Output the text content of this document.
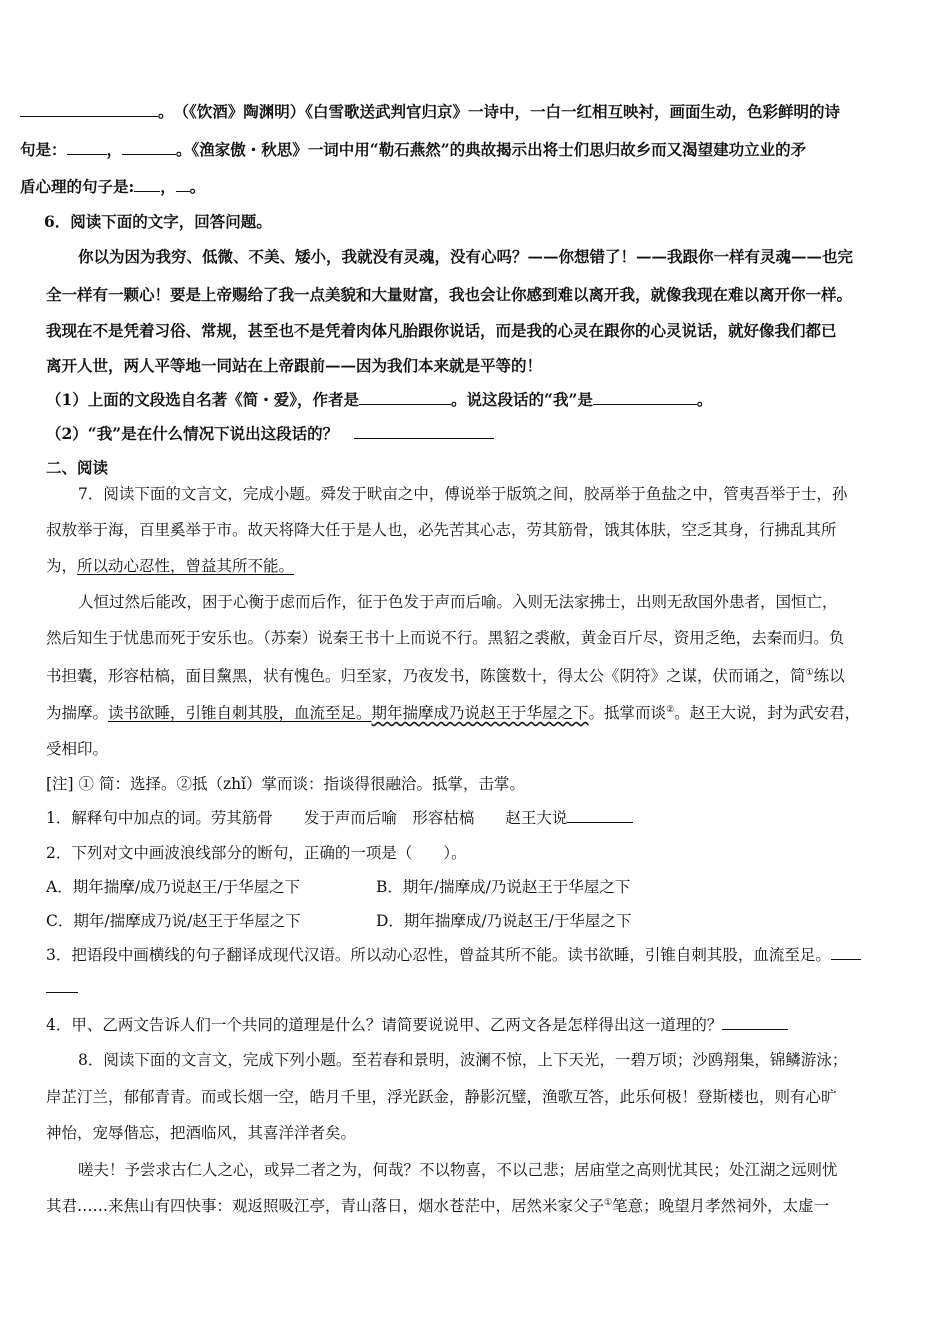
。　（《饮酒》陶渊明）《白雪歌送武判官归京》一诗中，一白一红相互映衬，画面生动，色彩鲜明的诗
句是：	，	。《渔家傲・秋思》一词中用“勒石燕然”的典故揭示出将士们思归故乡而又渴望建功立业的矛
盾心理的句子是: ， 。
6．阅读下面的文字，回答问题。
你以为因为我穷、低微、不美、矮小，我就没有灵魂，没有心吗？——你想错了！——我跟你一样有灵魂——也完
全一样有一颗心！要是上帝赐给了我一点美貌和大量财富，我也会让你感到难以离开我，就像我现在难以离开你一样。
我现在不是凭着习俗、常规，甚至也不是凭着肉体凡胎跟你说话，而是我的心灵在跟你的心灵说话，就好像我们都已
离开人世，两人平等地一同站在上帝跟前——因为我们本来就是平等的！
（1）上面的文段选自名著《简・爱》，作者是	。说这段话的“我”是	。
（2）“我”是在什么情况下说出这段话的？
二、阅读
7．阅读下面的文言文，完成小题。舜发于畎亩之中，傅说举于版筑之间，胶鬲举于鱼盐之中，管夷吾举于士，孙
叔敖举于海，百里奚举于市。故天将降大任于是人也，必先苦其心志，劳其筋骨，饿其体肤，空乏其身，行拂乱其所
为，所以动心忍性，曾益其所不能。
人恒过然后能改，困于心衡于虑而后作，征于色发于声而后喻。入则无法家拂士，出则无敌国外患者，国恒亡，
然后知生于忧患而死于安乐也。（苏秦）说秦王书十上而说不行。黑貂之裘敝，黄金百斤尽，资用乏绝，去秦而归。负
书担囊，形容枯槁，面目黧黑，状有愧色。归至家，乃夜发书，陈箧数十，得太公《阴符》之谋，伏而诵之，简①练以
为揣摩。读书欲睡，引锥自刺其股，血流至足。期年揣摩成乃说赵王于华屋之下。抵掌而谈②。赵王大说，封为武安君，
受相印。
[注] ① 简：选择。②抵（zhǐ）掌而谈：指谈得很融洽。抵掌，击掌。
1．解释句中加点的词。劳其筋骨　　发于声而后喻　形容枯槁　　赵王大说
2．下列对文中画波浪线部分的断句，正确的一项是（　　）。
A．期年揣摩/成乃说赵王/于华屋之下	B．期年/揣摩成/乃说赵王于华屋之下
C．期年/揣摩成乃说/赵王于华屋之下	D．期年揣摩成/乃说赵王/于华屋之下
3．把语段中画横线的句子翻译成现代汉语。所以动心忍性，曾益其所不能。读书欲睡，引锥自刺其股，血流至足。
4．甲、乙两文告诉人们一个共同的道理是什么？请简要说说甲、乙两文各是怎样得出这一道理的？
8．阅读下面的文言文，完成下列小题。至若春和景明，波澜不惊，上下天光，一碧万顷；沙鸥翔集，锦鳞游泳；
岸芷汀兰，郁郁青青。而或长烟一空，皓月千里，浮光跃金，静影沉璧，渔歌互答，此乐何极！登斯楼也，则有心旷
神怡，宠辱偕忘，把酒临风，其喜洋洋者矣。
嗟夫！予尝求古仁人之心，或异二者之为，何哉？不以物喜，不以己悲；居庙堂之高则忧其民；处江湖之远则忧
其君……来焦山有四快事：观返照吸江亭，青山落日，烟水苍茫中，居然米家父子①笔意；晚望月孝然祠外，太虚一
